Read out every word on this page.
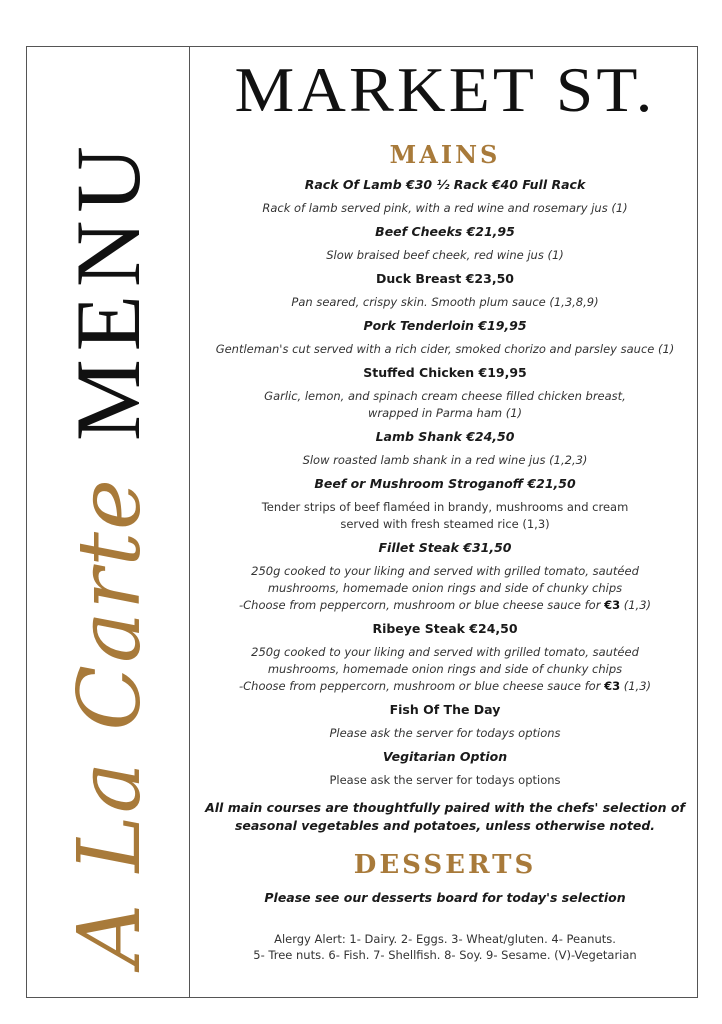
A La Carte
MENU
MARKET ST.
MAINS
Rack Of Lamb €30 ½ Rack €40 Full Rack
Rack of lamb served pink, with a red wine and rosemary jus (1)
Beef Cheeks €21,95
Slow braised beef cheek, red wine jus (1)
Duck Breast €23,50
Pan seared, crispy skin. Smooth plum sauce (1,3,8,9)
Pork Tenderloin €19,95
Gentleman's cut served with a rich cider, smoked chorizo and parsley sauce (1)
Stuffed Chicken €19,95
Garlic, lemon, and spinach cream cheese filled chicken breast,
wrapped in Parma ham (1)
Lamb Shank €24,50
Slow roasted lamb shank in a red wine jus (1,2,3)
Beef or Mushroom Stroganoff €21,50
Tender strips of beef flaméed in brandy, mushrooms and cream
served with fresh steamed rice (1,3)
Fillet Steak €31,50
250g cooked to your liking and served with grilled tomato, sautéed
mushrooms, homemade onion rings and side of chunky chips
-Choose from peppercorn, mushroom or blue cheese sauce for €3 (1,3)
Ribeye Steak €24,50
250g cooked to your liking and served with grilled tomato, sautéed
mushrooms, homemade onion rings and side of chunky chips
-Choose from peppercorn, mushroom or blue cheese sauce for €3 (1,3)
Fish Of The Day
Please ask the server for todays options
Vegitarian Option
Please ask the server for todays options
All main courses are thoughtfully paired with the chefs' selection of
seasonal vegetables and potatoes, unless otherwise noted.
DESSERTS
Please see our desserts board for today's selection
Alergy Alert: 1- Dairy. 2- Eggs. 3- Wheat/gluten. 4- Peanuts.
5- Tree nuts. 6- Fish. 7- Shellfish. 8- Soy. 9- Sesame. (V)-Vegetarian
